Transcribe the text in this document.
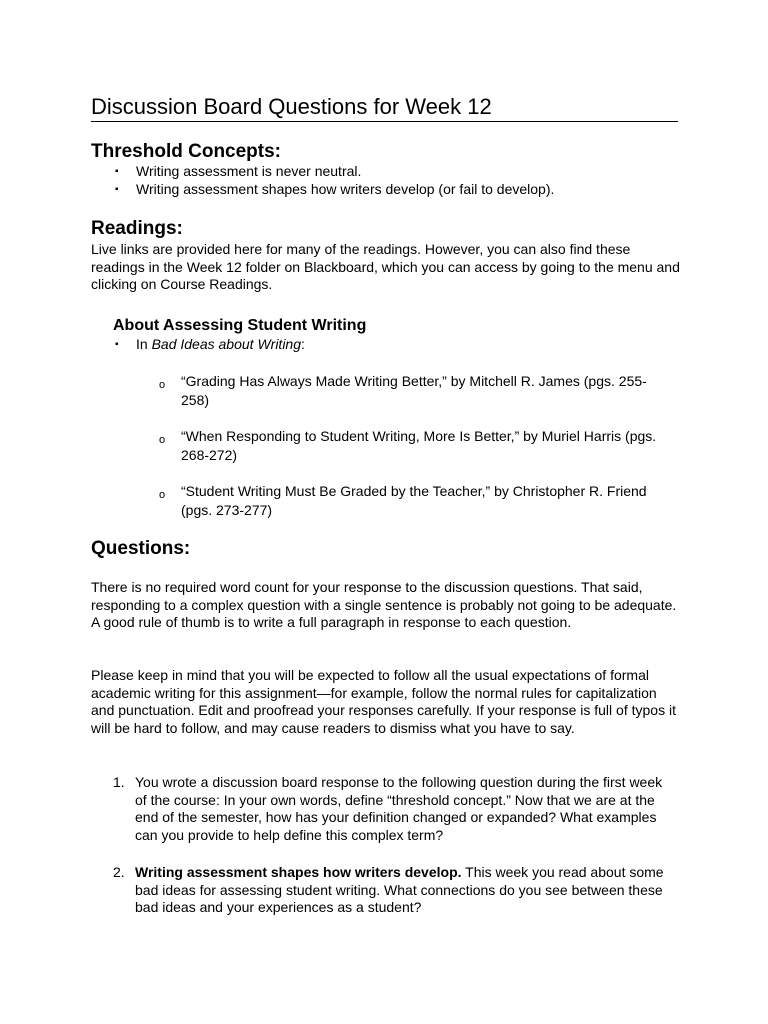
Discussion Board Questions for Week 12
Threshold Concepts:
▪ Writing assessment is never neutral.
▪ Writing assessment shapes how writers develop (or fail to develop).
Readings:

Live links are provided here for many of the readings. However, you can also find these readings in the Week 12 folder on Blackboard, which you can access by going to the menu and clicking on Course Readings.

About Assessing Student Writing
▪ In Bad Ideas about Writing:
o “Grading Has Always Made Writing Better,” by Mitchell R. James (pgs. 255-258)
o “When Responding to Student Writing, More Is Better,” by Muriel Harris (pgs. 268-272)
o “Student Writing Must Be Graded by the Teacher,” by Christopher R. Friend (pgs. 273-277)
Questions:

There is no required word count for your response to the discussion questions. That said, responding to a complex question with a single sentence is probably not going to be adequate. A good rule of thumb is to write a full paragraph in response to each question.

Please keep in mind that you will be expected to follow all the usual expectations of formal academic writing for this assignment—for example, follow the normal rules for capitalization and punctuation. Edit and proofread your responses carefully. If your response is full of typos it will be hard to follow, and may cause readers to dismiss what you have to say.

1. You wrote a discussion board response to the following question during the first week of the course: In your own words, define “threshold concept.” Now that we are at the end of the semester, how has your definition changed or expanded? What examples can you provide to help define this complex term?
2. Writing assessment shapes how writers develop. This week you read about some bad ideas for assessing student writing. What connections do you see between these bad ideas and your experiences as a student?
